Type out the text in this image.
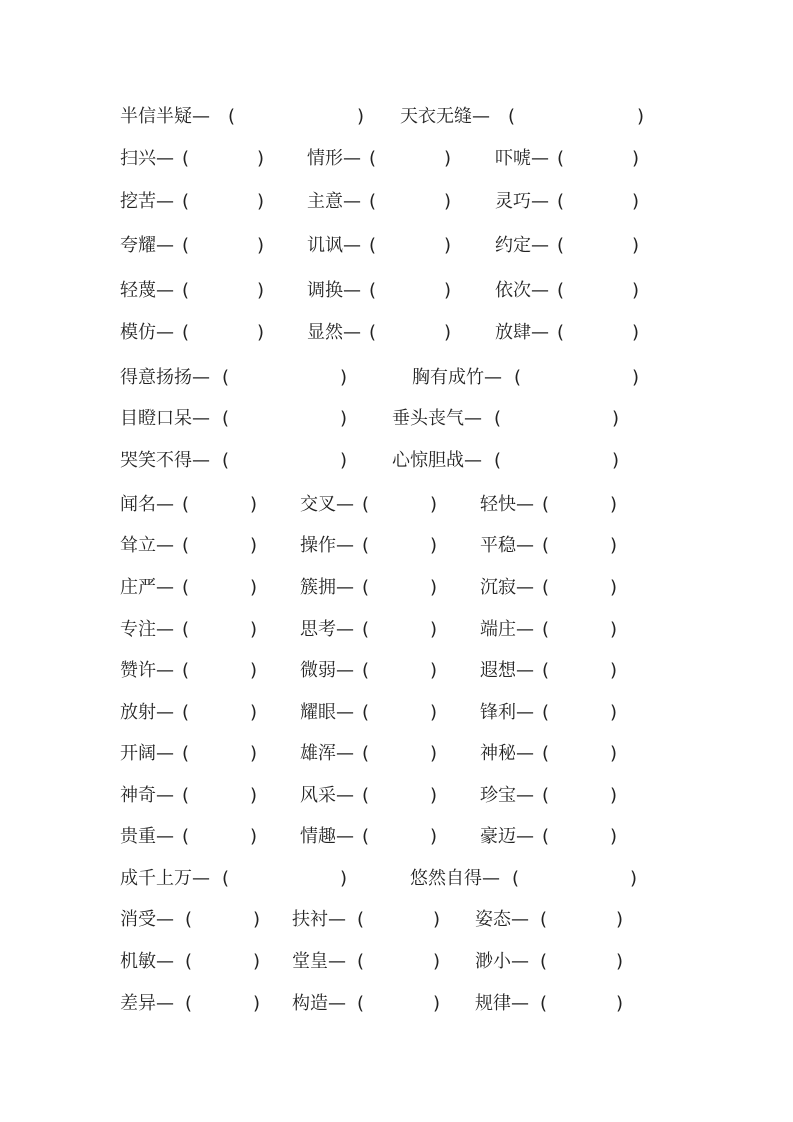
半信半疑 — (	) 天衣无缝 — (	)
扫兴 — (	) 情形 — (	) 吓唬 — (	)
挖苦 — (	) 主意 — (	) 灵巧 — (	)
夸耀 — (	) 讥讽 — (	) 约定 — (	)
轻蔑 — (	) 调换 — (	) 依次 — (	)
模仿 — (	) 显然 — (	) 放肆 — (	)
得意扬扬 — (	)	胸有成竹 — (	)
目瞪口呆 — (	) 垂头丧气 — (	)
哭笑不得 — (	) 心惊胆战 — (	)
闻名 — (	) 交叉 — (	) 轻快 — (	)
耸立 — (	) 操作 — (	) 平稳 — (	)
庄严 — (	) 簇拥 — (	) 沉寂 — (	)
专注 — (	) 思考 — (	) 端庄 — (	)
赞许 — (	) 微弱 — (	) 遐想 — (	)
放射 — (	) 耀眼 — (	) 锋利 — (	)
开阔 — (	) 雄浑 — (	) 神秘 — (	)
神奇 — (	) 风采 — (	) 珍宝 — (	)
贵重 — (	) 情趣 — (	) 豪迈 — (	)
成千上万 — (	)	悠然自得 — (	)
消受 — (	) 扶衬 — (	) 姿态 — (	)
机敏 — (	) 堂皇 — (	) 渺小 — (	)
差异 — (	) 构造 — (	) 规律 — (	)
